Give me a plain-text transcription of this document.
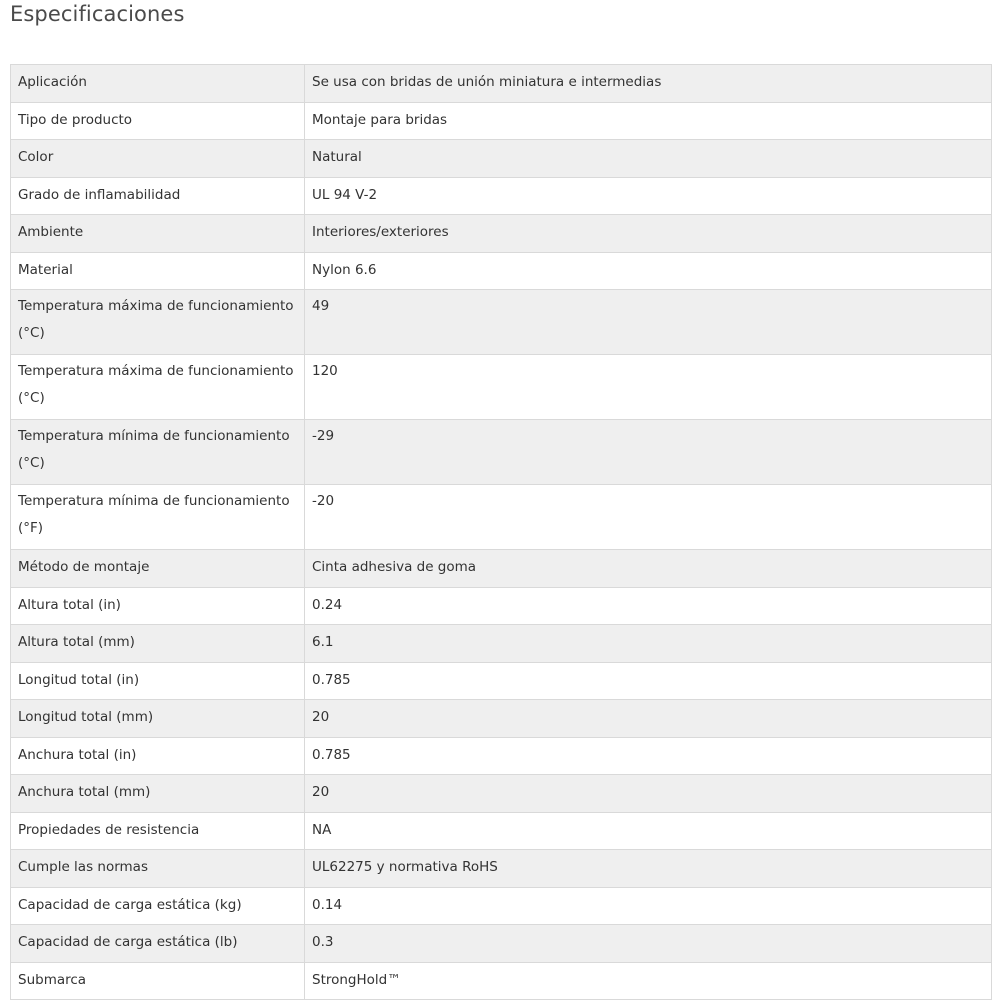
Especificaciones
Aplicación	Se usa con bridas de unión miniatura e intermedias
Tipo de producto	Montaje para bridas
Color	Natural
Grado de inflamabilidad	UL 94 V-2
Ambiente	Interiores/exteriores
Material	Nylon 6.6
Temperatura máxima de funcionamiento (°C)	49
Temperatura máxima de funcionamiento (°C)	120
Temperatura mínima de funcionamiento (°C)	-29
Temperatura mínima de funcionamiento (°F)	-20
Método de montaje	Cinta adhesiva de goma
Altura total (in)	0.24
Altura total (mm)	6.1
Longitud total (in)	0.785
Longitud total (mm)	20
Anchura total (in)	0.785
Anchura total (mm)	20
Propiedades de resistencia	NA
Cumple las normas	UL62275 y normativa RoHS
Capacidad de carga estática (kg)	0.14
Capacidad de carga estática (lb)	0.3
Submarca	StrongHold™
